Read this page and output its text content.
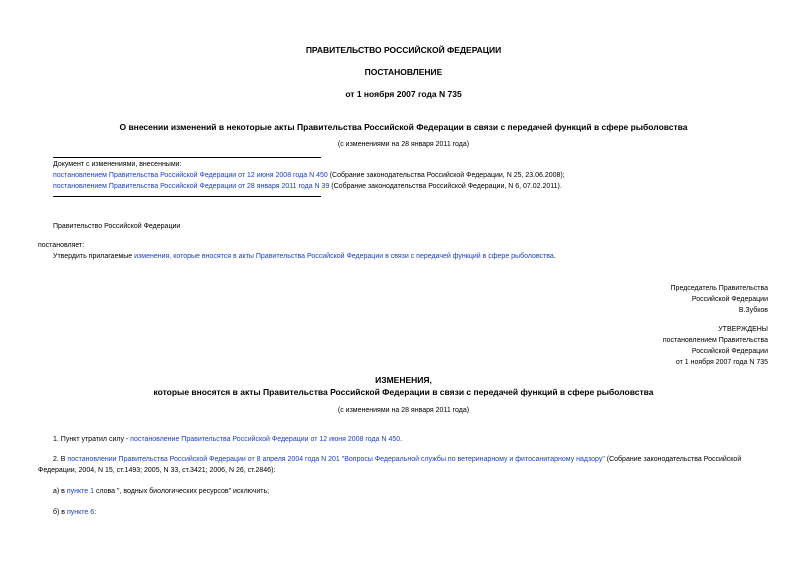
ПРАВИТЕЛЬСТВО РОССИЙСКОЙ ФЕДЕРАЦИИ
ПОСТАНОВЛЕНИЕ
от 1 ноября 2007 года N 735
О внесении изменений в некоторые акты Правительства Российской Федерации в связи с передачей функций в сфере рыболовства
(с изменениями на 28 января 2011 года)
Документ с изменениями, внесенными:
постановлением Правительства Российской Федерации от 12 июня 2008 года N 450 (Собрание законодательства Российской Федерации, N 25, 23.06.2008);
постановлением Правительства Российской Федерации от 28 января 2011 года N 39 (Собрание законодательства Российской Федерации, N 6, 07.02.2011).
Правительство Российской Федерации
постановляет:
Утвердить прилагаемые изменения, которые вносятся в акты Правительства Российской Федерации в связи с передачей функций в сфере рыболовства.
Председатель Правительства
Российской Федерации
В.Зубков
УТВЕРЖДЕНЫ
постановлением Правительства
Российской Федерации
от 1 ноября 2007 года N 735
ИЗМЕНЕНИЯ,
которые вносятся в акты Правительства Российской Федерации в связи с передачей функций в сфере рыболовства
(с изменениями на 28 января 2011 года)
1. Пункт утратил силу - постановление Правительства Российской Федерации от 12 июня 2008 года N 450.
2. В постановлении Правительства Российской Федерации от 8 апреля 2004 года N 201 "Вопросы Федеральной службы по ветеринарному и фитосанитарному надзору" (Собрание законодательства Российской
Федерации, 2004, N 15, ст.1493; 2005, N 33, ст.3421; 2006, N 26, ст.2846):
а) в пункте 1 слова ", водных биологических ресурсов" исключить;
б) в пункте 6:
